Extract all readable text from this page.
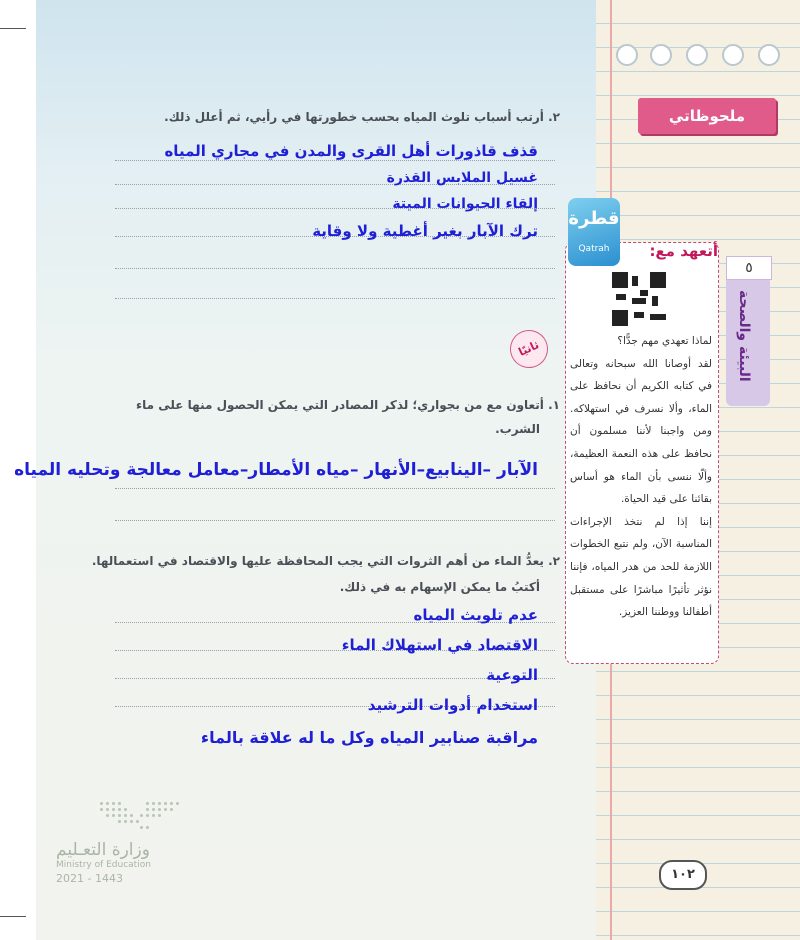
ملحوظاتي
٥
البيئة والصحة
أتعهد مع:
قطرة
Qatrah
لماذا تعهدي مهم جدًّا؟
لقد أوصانا الله سبحانه وتعالى في كتابه الكريم أن نحافظ على الماء، وألا نسرف في استهلاكه. ومن واجبنا لأننا مسلمون أن نحافظ على هذه النعمة العظيمة، وألّا ننسى بأن الماء هو أساس بقائنا على قيد الحياة.
إننا إذا لم نتخذ الإجراءات المناسبة الآن، ولم نتبع الخطوات اللازمة للحد من هدر المياه، فإننا نؤثر تأثيرًا مباشرًا على مستقبل أطفالنا ووطننا العزيز.
٢. أرتب أسباب تلوث المياه بحسب خطورتها في رأيي، ثم أعلل ذلك.
قذف قاذورات أهل القرى والمدن في مجاري المياه
غسيل الملابس القذرة
إلقاء الحيوانات الميتة
ترك الآبار بغير أغطية ولا وقاية
ثانيًا
١. أتعاون مع من بجواري؛ لذكر المصادر التي يمكن الحصول منها على ماء
الشرب.
الآبار –الينابيع–الأنهار –مياه الأمطار–معامل معالجة وتحليه المياه
٢. يعدُّ الماء من أهم الثروات التي يجب المحافظة عليها والاقتصاد في استعمالها.
أكتبُ ما يمكن الإسهام به في ذلك.
عدم تلويث المياه
الاقتصاد في استهلاك الماء
التوعية
استخدام أدوات الترشيد
مراقبة صنابير المياه وكل ما له علاقة بالماء
وزارة التعـليم
Ministry of Education
2021 - 1443	١٠٢
